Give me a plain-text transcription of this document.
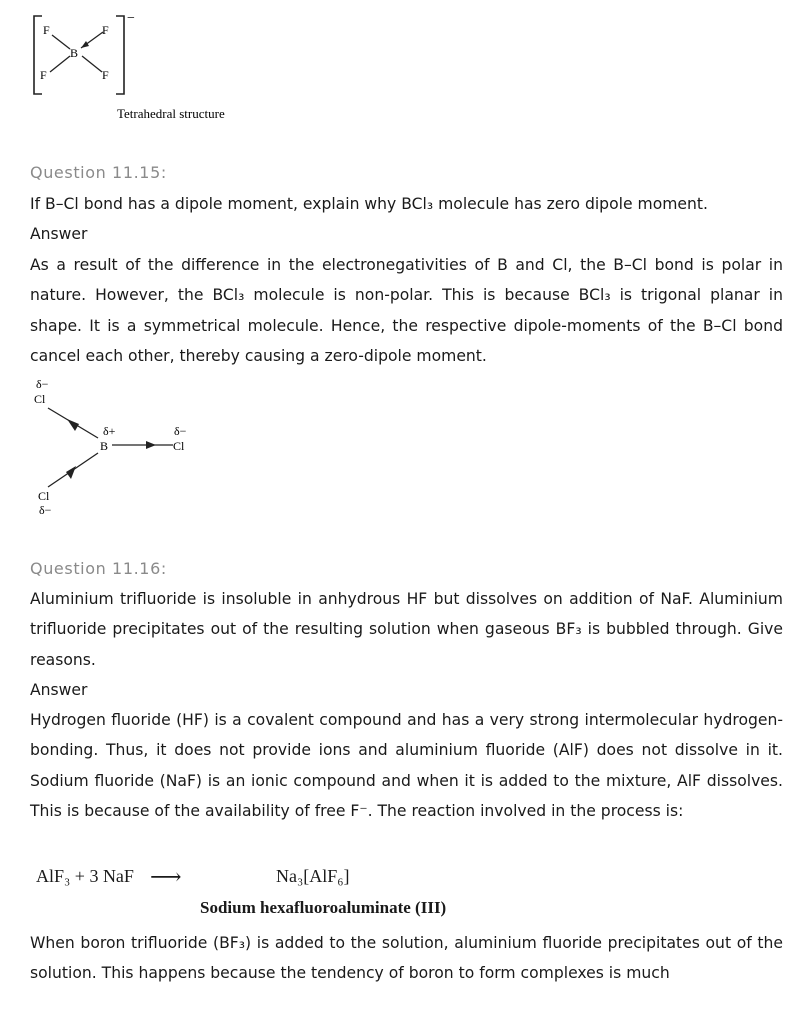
F	F
B
F	F
−
Tetrahedral structure
Question 11.15:
If B–Cl bond has a dipole moment, explain why BCl₃ molecule has zero dipole moment.
Answer
As a result of the difference in the electronegativities of B and Cl, the B–Cl bond is polar in nature. However, the BCl₃ molecule is non-polar. This is because BCl₃ is trigonal planar in shape. It is a symmetrical molecule. Hence, the respective dipole-moments of the B–Cl bond cancel each other, thereby causing a zero-dipole moment.
δ−
Cl
δ+
B
δ−
Cl
Cl
δ−
Question 11.16:
Aluminium trifluoride is insoluble in anhydrous HF but dissolves on addition of NaF. Aluminium trifluoride precipitates out of the resulting solution when gaseous BF₃ is bubbled through. Give reasons.
Answer
Hydrogen fluoride (HF) is a covalent compound and has a very strong intermolecular hydrogen-bonding. Thus, it does not provide ions and aluminium fluoride (AlF) does not dissolve in it. Sodium fluoride (NaF) is an ionic compound and when it is added to the mixture, AlF dissolves. This is because of the availability of free F⁻. The reaction involved in the process is:
AlF₃ + 3 NaF ⟶	Na₃[AlF₆]
Sodium hexafluoroaluminate (III)
When boron trifluoride (BF₃) is added to the solution, aluminium fluoride precipitates out of the solution. This happens because the tendency of boron to form complexes is much
